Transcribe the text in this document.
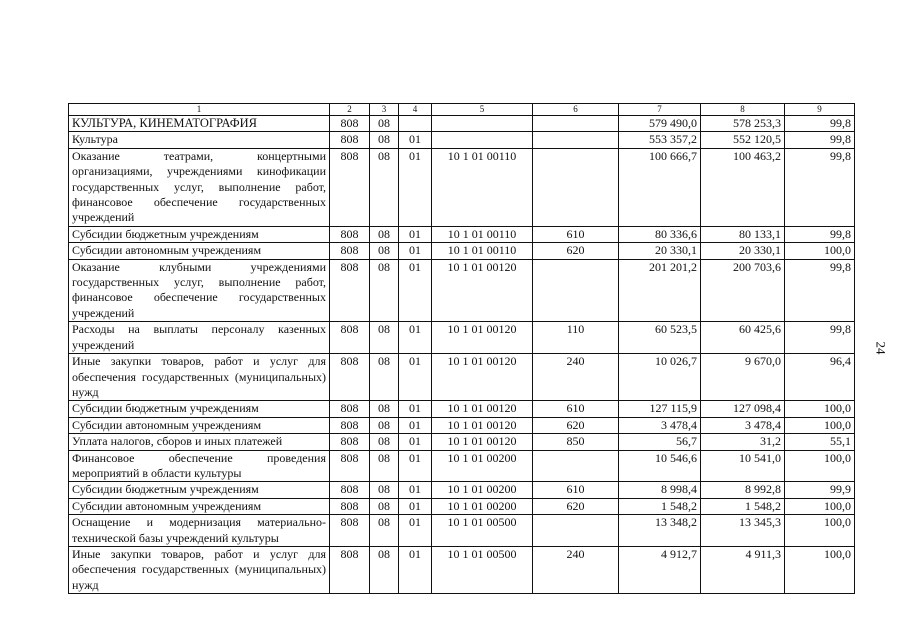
1	2	3	4	5	6	7	8	9
КУЛЬТУРА, КИНЕМАТОГРАФИЯ	808	08				579 490,0	578 253,3	99,8
Культура	808	08	01			553 357,2	552 120,5	99,8
Оказание театрами, концертными организациями, учреждениями кинофикации государственных услуг, выполнение работ, финансовое обеспечение государственных учреждений	808	08	01	10 1 01 00110		100 666,7	100 463,2	99,8
Субсидии бюджетным учреждениям	808	08	01	10 1 01 00110	610	80 336,6	80 133,1	99,8
Субсидии автономным учреждениям	808	08	01	10 1 01 00110	620	20 330,1	20 330,1	100,0
Оказание клубными учреждениями государственных услуг, выполнение работ, финансовое обеспечение государственных учреждений	808	08	01	10 1 01 00120		201 201,2	200 703,6	99,8
Расходы на выплаты персоналу казенных учреждений	808	08	01	10 1 01 00120	110	60 523,5	60 425,6	99,8
Иные закупки товаров, работ и услуг для обеспечения государственных (муниципальных) нужд	808	08	01	10 1 01 00120	240	10 026,7	9 670,0	96,4
Субсидии бюджетным учреждениям	808	08	01	10 1 01 00120	610	127 115,9	127 098,4	100,0
Субсидии автономным учреждениям	808	08	01	10 1 01 00120	620	3 478,4	3 478,4	100,0
Уплата налогов, сборов и иных платежей	808	08	01	10 1 01 00120	850	56,7	31,2	55,1
Финансовое обеспечение проведения мероприятий в области культуры	808	08	01	10 1 01 00200		10 546,6	10 541,0	100,0
Субсидии бюджетным учреждениям	808	08	01	10 1 01 00200	610	8 998,4	8 992,8	99,9
Субсидии автономным учреждениям	808	08	01	10 1 01 00200	620	1 548,2	1 548,2	100,0
Оснащение и модернизация материально-технической базы учреждений культуры	808	08	01	10 1 01 00500		13 348,2	13 345,3	100,0
Иные закупки товаров, работ и услуг для обеспечения государственных (муниципальных) нужд	808	08	01	10 1 01 00500	240	4 912,7	4 911,3	100,0
24
